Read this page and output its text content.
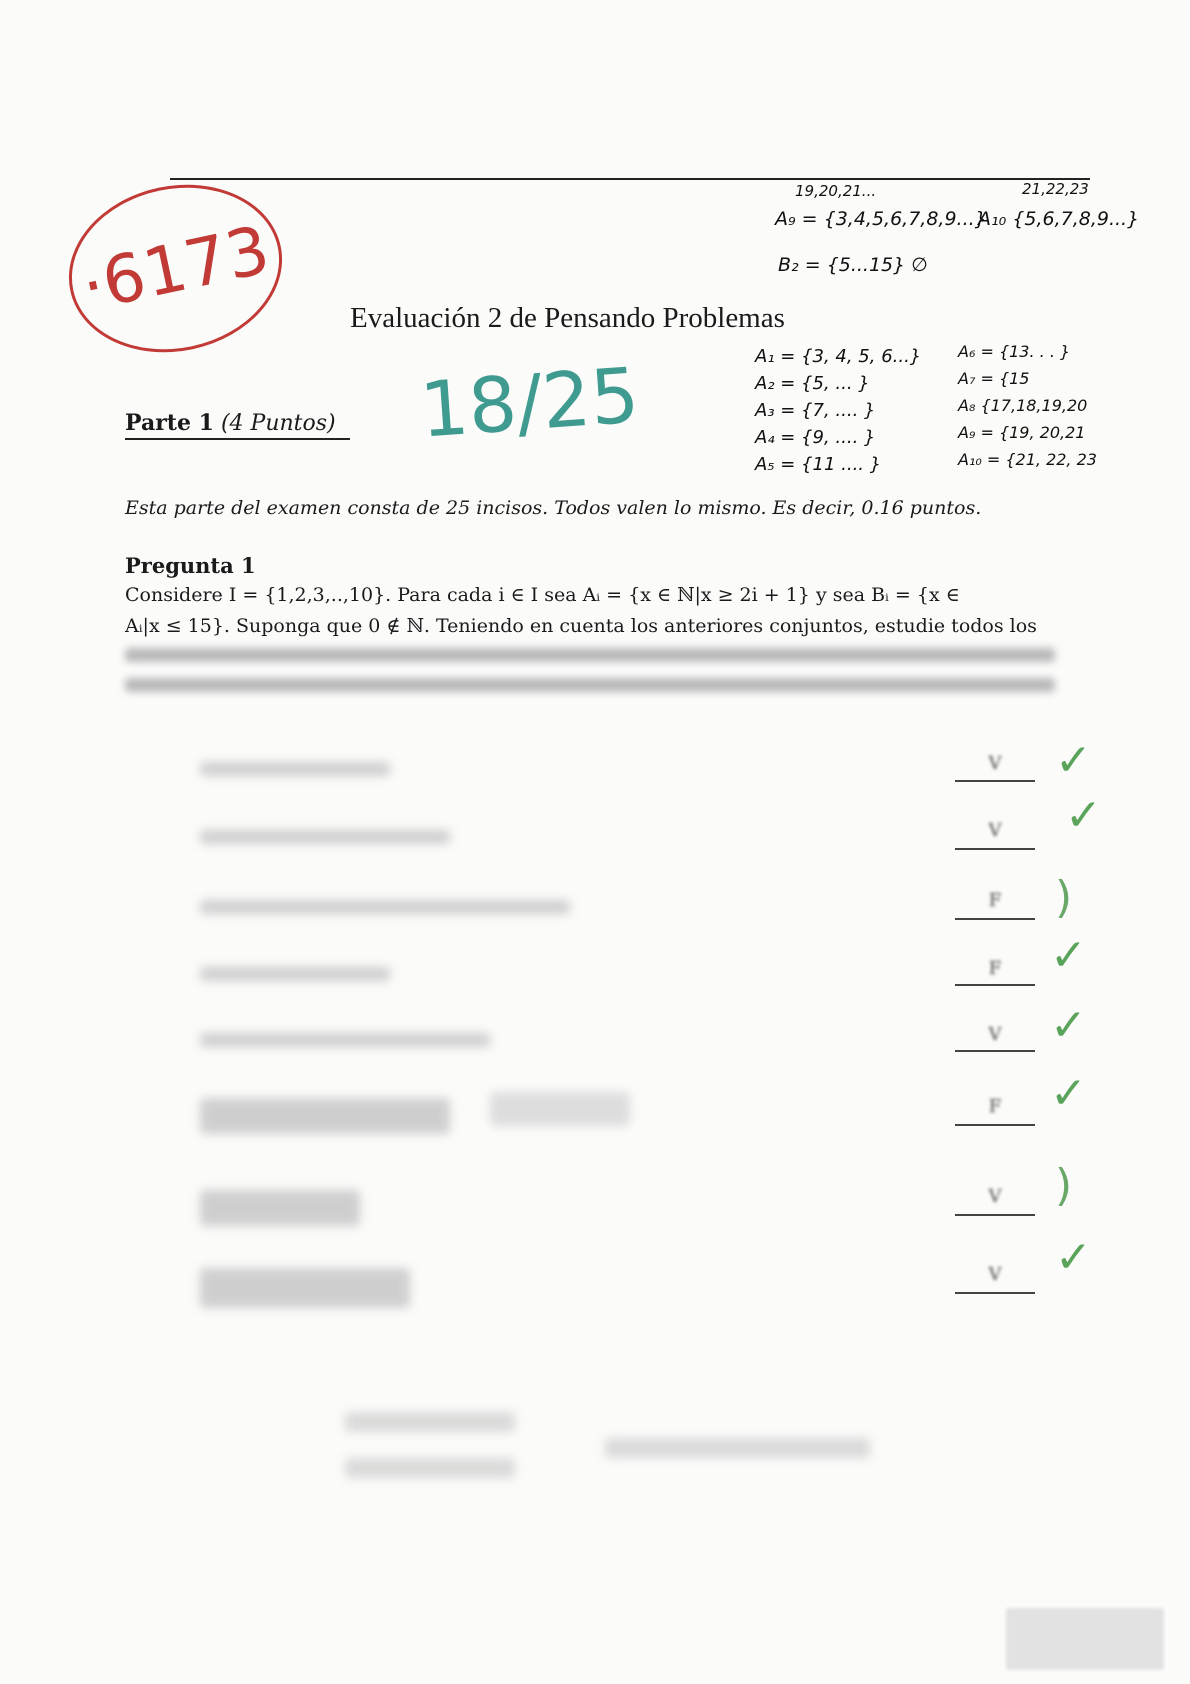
·6173
19,20,21...
A₉ = {3,4,5,6,7,8,9...}
21,22,23
A₁₀ {5,6,7,8,9...}
B₂ = {5...15} ∅
Evaluación 2 de Pensando Problemas
18/25	A₁ = {3, 4, 5, 6...}
A₂ = {5, ... }
A₃ = {7, .... }
A₄ = {9, .... }
A₅ = {11 .... }
A₆ = {13. . . }
A₇ = {15
A₈ {17,18,19,20
A₉ = {19, 20,21
A₁₀ = {21, 22, 23
Parte 1 (4 Puntos)
Esta parte del examen consta de 25 incisos. Todos valen lo mismo. Es decir, 0.16 puntos.
Pregunta 1
Considere I = {1,2,3,..,10}. Para cada i ∈ I sea Aᵢ = {x ∈ ℕ|x ≥ 2i + 1} y sea Bᵢ = {x ∈
Aᵢ|x ≤ 15}. Suponga que 0 ∉ ℕ. Teniendo en cuenta los anteriores conjuntos, estudie todos los
V	✓
V	✓
F	)
F	✓
V	✓
F	✓
V	)
V	✓
